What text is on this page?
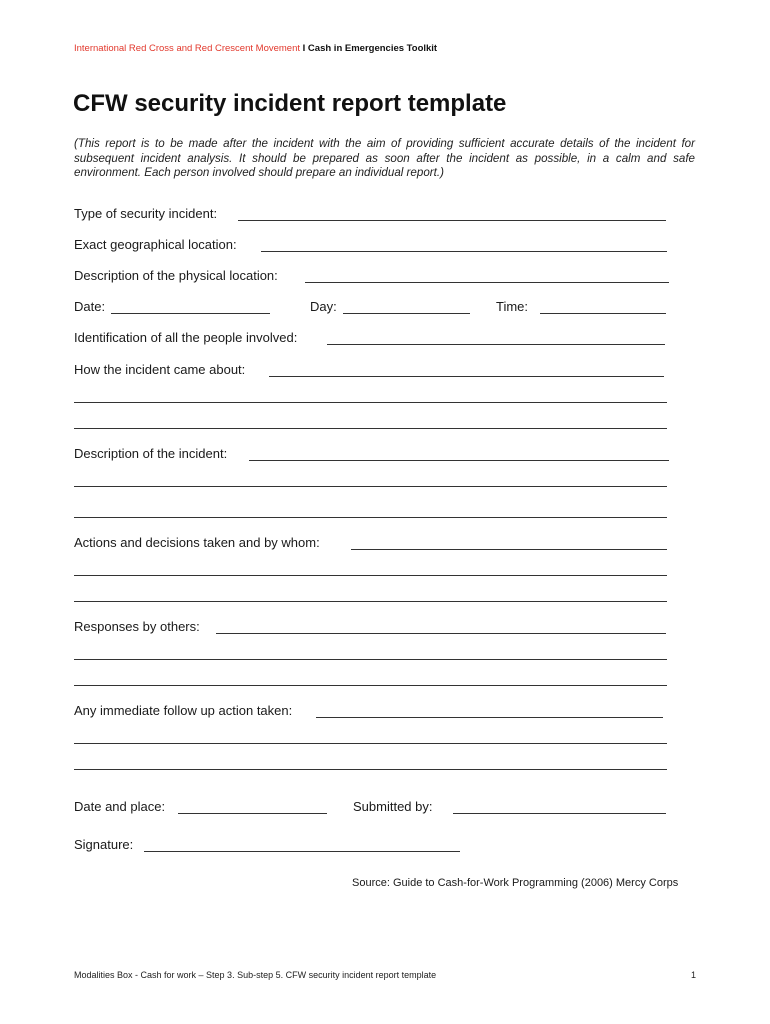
International Red Cross and Red Crescent Movement I Cash in Emergencies Toolkit
CFW security incident report template
(This report is to be made after the incident with the aim of providing sufficient accurate details of the incident for subsequent incident analysis. It should be prepared as soon after the incident as possible, in a calm and safe environment. Each person involved should prepare an individual report.)
Type of security incident:
Exact geographical location:
Description of the physical location:
Date:	Day:	Time:
Identification of all the people involved:
How the incident came about:
Description of the incident:
Actions and decisions taken and by whom:
Responses by others:
Any immediate follow up action taken:
Date and place:	Submitted by:
Signature:
Source: Guide to Cash-for-Work Programming (2006) Mercy Corps
Modalities Box - Cash for work – Step 3. Sub-step 5. CFW security incident report template	1
